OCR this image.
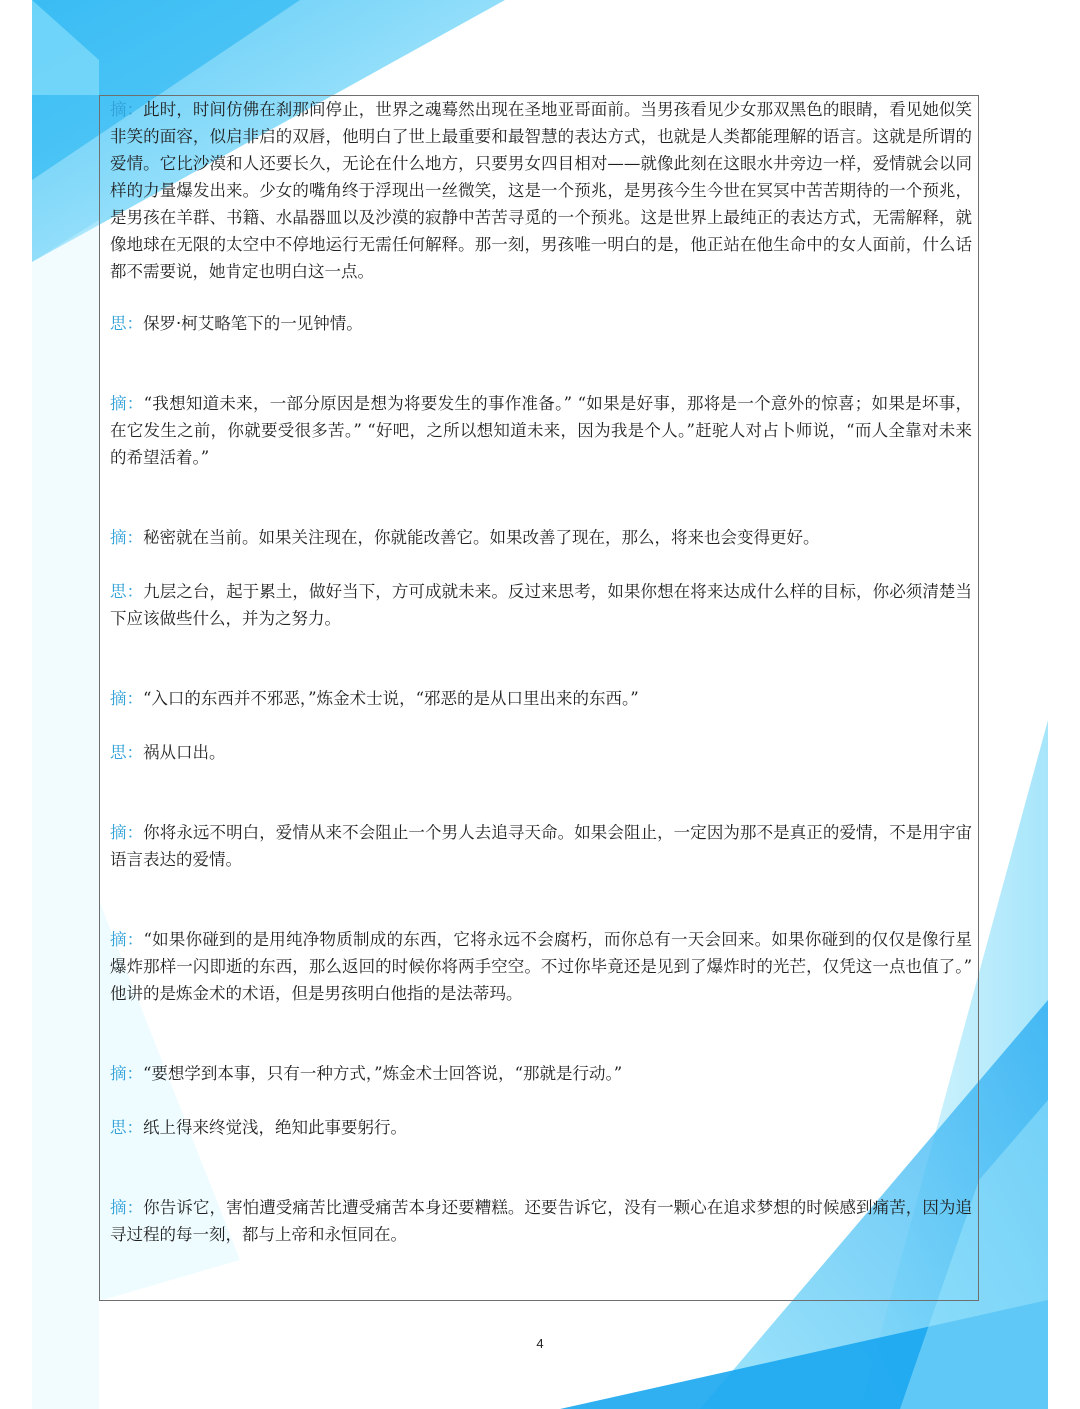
摘：此时，时间仿佛在刹那间停止，世界之魂蓦然出现在圣地亚哥面前。当男孩看见少女那双黑色的眼睛，看见她似笑非笑的面容，似启非启的双唇，他明白了世上最重要和最智慧的表达方式，也就是人类都能理解的语言。这就是所谓的爱情。它比沙漠和人还要长久，无论在什么地方，只要男女四目相对——就像此刻在这眼水井旁边一样，爱情就会以同样的力量爆发出来。少女的嘴角终于浮现出一丝微笑，这是一个预兆，是男孩今生今世在冥冥中苦苦期待的一个预兆，是男孩在羊群、书籍、水晶器皿以及沙漠的寂静中苦苦寻觅的一个预兆。这是世界上最纯正的表达方式，无需解释，就像地球在无限的太空中不停地运行无需任何解释。那一刻，男孩唯一明白的是，他正站在他生命中的女人面前，什么话都不需要说，她肯定也明白这一点。

思：保罗·柯艾略笔下的一见钟情。

摘：“我想知道未来，一部分原因是想为将要发生的事作准备。” “如果是好事，那将是一个意外的惊喜；如果是坏事，在它发生之前，你就要受很多苦。” “好吧，之所以想知道未来，因为我是个人。”赶驼人对占卜师说，“而人全靠对未来的希望活着。”

摘：秘密就在当前。如果关注现在，你就能改善它。如果改善了现在，那么，将来也会变得更好。

思：九层之台，起于累土，做好当下，方可成就未来。反过来思考，如果你想在将来达成什么样的目标，你必须清楚当下应该做些什么，并为之努力。

摘：“入口的东西并不邪恶，”炼金术士说，“邪恶的是从口里出来的东西。”

思：祸从口出。

摘：你将永远不明白，爱情从来不会阻止一个男人去追寻天命。如果会阻止，一定因为那不是真正的爱情，不是用宇宙语言表达的爱情。

摘：“如果你碰到的是用纯净物质制成的东西，它将永远不会腐朽，而你总有一天会回来。如果你碰到的仅仅是像行星爆炸那样一闪即逝的东西，那么返回的时候你将两手空空。不过你毕竟还是见到了爆炸时的光芒，仅凭这一点也值了。” 他讲的是炼金术的术语，但是男孩明白他指的是法蒂玛。

摘：“要想学到本事，只有一种方式，”炼金术士回答说，“那就是行动。”

思：纸上得来终觉浅，绝知此事要躬行。

摘：你告诉它，害怕遭受痛苦比遭受痛苦本身还要糟糕。还要告诉它，没有一颗心在追求梦想的时候感到痛苦，因为追寻过程的每一刻，都与上帝和永恒同在。

4
